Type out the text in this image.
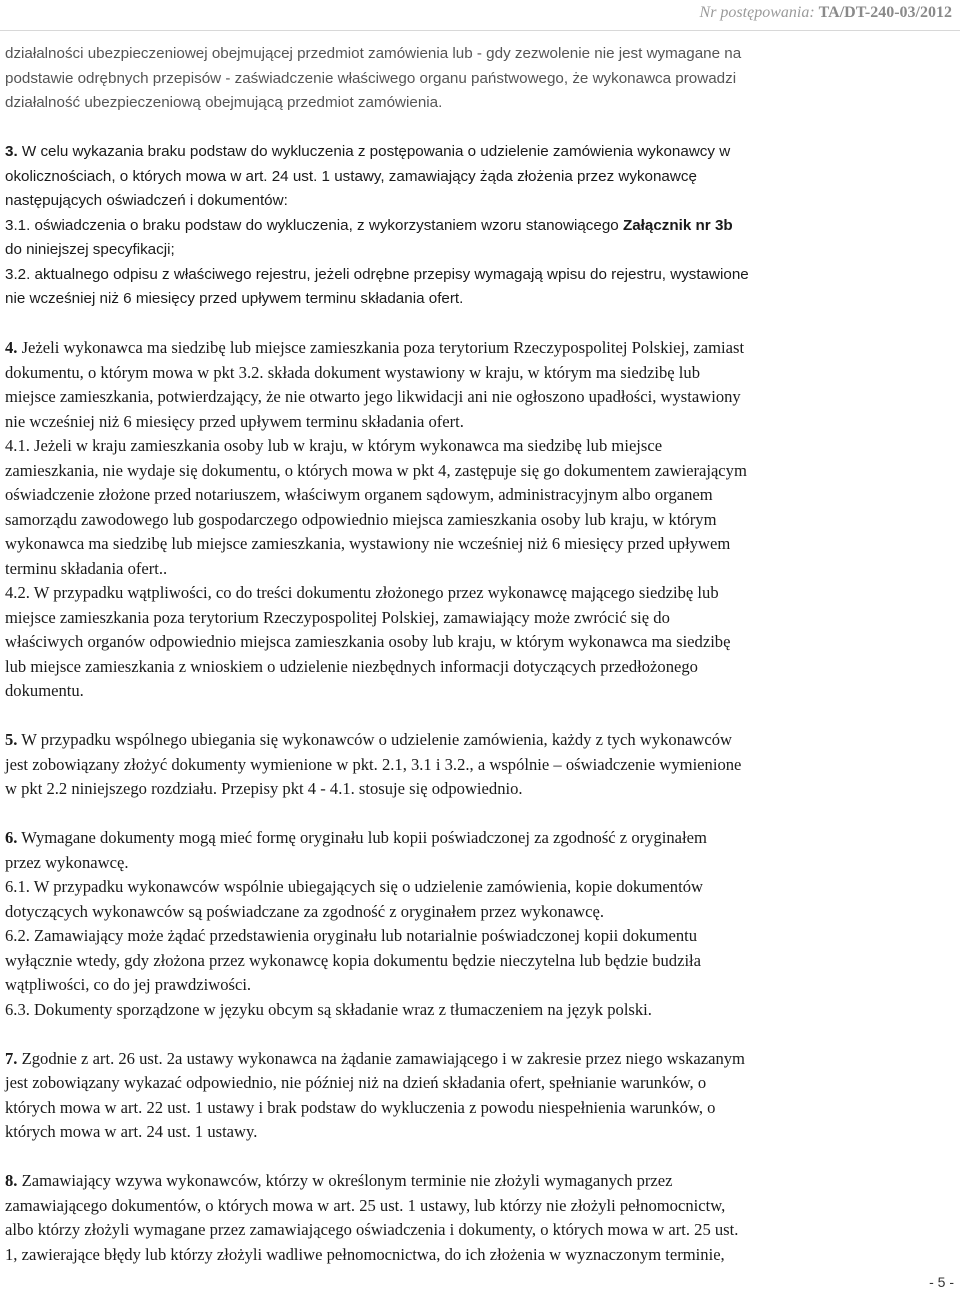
Nr postępowania: TA/DT-240-03/2012

działalności ubezpieczeniowej obejmującej przedmiot zamówienia lub - gdy zezwolenie nie jest wymagane na

podstawie odrębnych przepisów - zaświadczenie właściwego organu państwowego, że wykonawca prowadzi

działalność ubezpieczeniową obejmującą przedmiot zamówienia.

3. W celu wykazania braku podstaw do wykluczenia z postępowania o udzielenie zamówienia wykonawcy w

okolicznościach, o których mowa w art. 24 ust. 1 ustawy, zamawiający żąda złożenia przez wykonawcę

następujących oświadczeń i dokumentów:

3.1. oświadczenia o braku podstaw do wykluczenia, z wykorzystaniem wzoru stanowiącego Załącznik nr 3b

do niniejszej specyfikacji;

3.2. aktualnego odpisu z właściwego rejestru, jeżeli odrębne przepisy wymagają wpisu do rejestru, wystawione

nie wcześniej niż 6 miesięcy przed upływem terminu składania ofert.

4. Jeżeli wykonawca ma siedzibę lub miejsce zamieszkania poza terytorium Rzeczypospolitej Polskiej, zamiast

dokumentu, o którym mowa w pkt 3.2. składa dokument wystawiony w kraju, w którym ma siedzibę lub

miejsce zamieszkania, potwierdzający, że nie otwarto jego likwidacji ani nie ogłoszono upadłości, wystawiony

nie wcześniej niż 6 miesięcy przed upływem terminu składania ofert.

4.1. Jeżeli w kraju zamieszkania osoby lub w kraju, w którym wykonawca ma siedzibę lub miejsce

zamieszkania, nie wydaje się dokumentu, o których mowa w pkt 4, zastępuje się go dokumentem zawierającym

oświadczenie złożone przed notariuszem, właściwym organem sądowym, administracyjnym albo organem

samorządu zawodowego lub gospodarczego odpowiednio miejsca zamieszkania osoby lub kraju, w którym

wykonawca ma siedzibę lub miejsce zamieszkania, wystawiony nie wcześniej niż 6 miesięcy przed upływem

terminu składania ofert..

4.2. W przypadku wątpliwości, co do treści dokumentu złożonego przez wykonawcę mającego siedzibę lub

miejsce zamieszkania poza terytorium Rzeczypospolitej Polskiej, zamawiający może zwrócić się do

właściwych organów odpowiednio miejsca zamieszkania osoby lub kraju, w którym wykonawca ma siedzibę

lub miejsce zamieszkania z wnioskiem o udzielenie niezbędnych informacji dotyczących przedłożonego

dokumentu.

5. W przypadku wspólnego ubiegania się wykonawców o udzielenie zamówienia, każdy z tych wykonawców

jest zobowiązany złożyć dokumenty wymienione w pkt. 2.1, 3.1 i 3.2., a wspólnie – oświadczenie wymienione

w pkt 2.2 niniejszego rozdziału. Przepisy pkt 4 - 4.1. stosuje się odpowiednio.

6. Wymagane dokumenty mogą mieć formę oryginału lub kopii poświadczonej za zgodność z oryginałem

przez wykonawcę.

6.1. W przypadku wykonawców wspólnie ubiegających się o udzielenie zamówienia, kopie dokumentów

dotyczących wykonawców są poświadczane za zgodność z oryginałem przez wykonawcę.

6.2. Zamawiający może żądać przedstawienia oryginału lub notarialnie poświadczonej kopii dokumentu

wyłącznie wtedy, gdy złożona przez wykonawcę kopia dokumentu będzie nieczytelna lub będzie budziła

wątpliwości, co do jej prawdziwości.

6.3. Dokumenty sporządzone w języku obcym są składanie wraz z tłumaczeniem na język polski.

7. Zgodnie z art. 26 ust. 2a ustawy wykonawca na żądanie zamawiającego i w zakresie przez niego wskazanym

jest zobowiązany wykazać odpowiednio, nie później niż na dzień składania ofert, spełnianie warunków, o

których mowa w art. 22 ust. 1 ustawy i brak podstaw do wykluczenia z powodu niespełnienia warunków, o

których mowa w art. 24 ust. 1 ustawy.

8. Zamawiający wzywa wykonawców, którzy w określonym terminie nie złożyli wymaganych przez

zamawiającego dokumentów, o których mowa w art. 25 ust. 1 ustawy, lub którzy nie złożyli pełnomocnictw,

albo którzy złożyli wymagane przez zamawiającego oświadczenia i dokumenty, o których mowa w art. 25 ust.

1, zawierające błędy lub którzy złożyli wadliwe pełnomocnictwa, do ich złożenia w wyznaczonym terminie,

- 5 -
